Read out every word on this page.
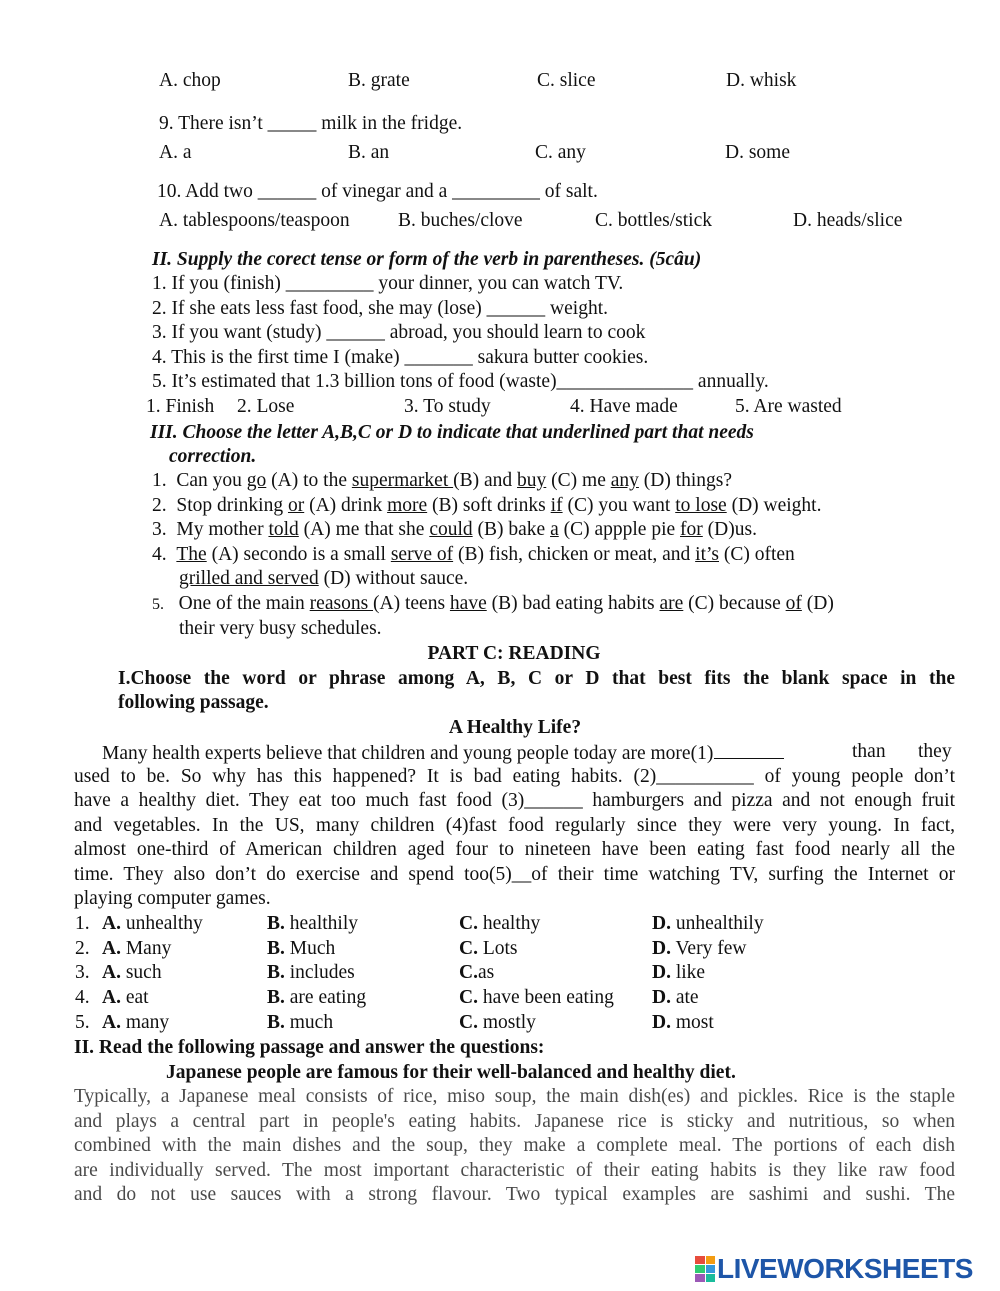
A. chop	B. grate	C. slice	D. whisk
9. There isn’t _____ milk in the fridge.
A. a	B. an	C. any	D. some
10. Add two ______ of vinegar and a _________ of salt.
A. tablespoons/teaspoon B. buches/clove	C. bottles/stick	D. heads/slice
II. Supply the corect tense or form of the verb in parentheses. (5câu)
1. If you (finish) _________ your dinner, you can watch TV.
2. If she eats less fast food, she may (lose) ______ weight.
3. If you want (study) ______ abroad, you should learn to cook
4. This is the first time I (make) _______ sakura butter cookies.
5. It’s estimated that 1.3 billion tons of food (waste)______________ annually.
1. Finish 2. Lose	3. To study	4. Have made	5. Are wasted
III. Choose the letter A,B,C or D to indicate that underlined part that needs
correction.
1. Can you go (A) to the supermarket (B) and buy (C) me any (D) things?
2. Stop drinking or (A) drink more (B) soft drinks if (C) you want to lose (D) weight.
3. My mother told (A) me that she could (B) bake a (C) appple pie for (D)us.
4. The (A) secondo is a small serve of (B) fish, chicken or meat, and it’s (C) often
grilled and served (D) without sauce.
5. One of the main reasons (A) teens have (B) bad eating habits are (C) because of (D)
their very busy schedules.
PART C: READING
I.Choose the word or phrase among A, B, C or D that best fits the blank space in the
following passage.
A Healthy Life?
Many health experts believe that children and young people today are more(1)	than they
used to be. So why has this happened? It is bad eating habits. (2)__________ of young people don’t
have a healthy diet. They eat too much fast food (3)______ hamburgers and pizza and not enough fruit
and vegetables. In the US, many children (4)fast food regularly since they were very young. In fact,
almost one-third of American children aged four to nineteen have been eating fast food nearly all the
time. They also don’t do exercise and spend too(5)__of their time watching TV, surfing the Internet or
playing computer games.
1. A. unhealthy	B. healthily	C. healthy	D. unhealthily
2. A. Many	B. Much	C. Lots	D. Very few
3. A. such	B. includes	C.as	D. like
4. A. eat	B. are eating	C. have been eating D. ate
5. A. many	B. much	C. mostly	D. most
II. Read the following passage and answer the questions:
Japanese people are famous for their well-balanced and healthy diet.
Typically, a Japanese meal consists of rice, miso soup, the main dish(es) and pickles. Rice is the staple
and plays a central part in people's eating habits. Japanese rice is sticky and nutritious, so when
combined with the main dishes and the soup, they make a complete meal. The portions of each dish
are individually served. The most important characteristic of their eating habits is they like raw food
and do not use sauces with a strong flavour. Two typical examples are sashimi and sushi. The
LIVEWORKSHEETS
